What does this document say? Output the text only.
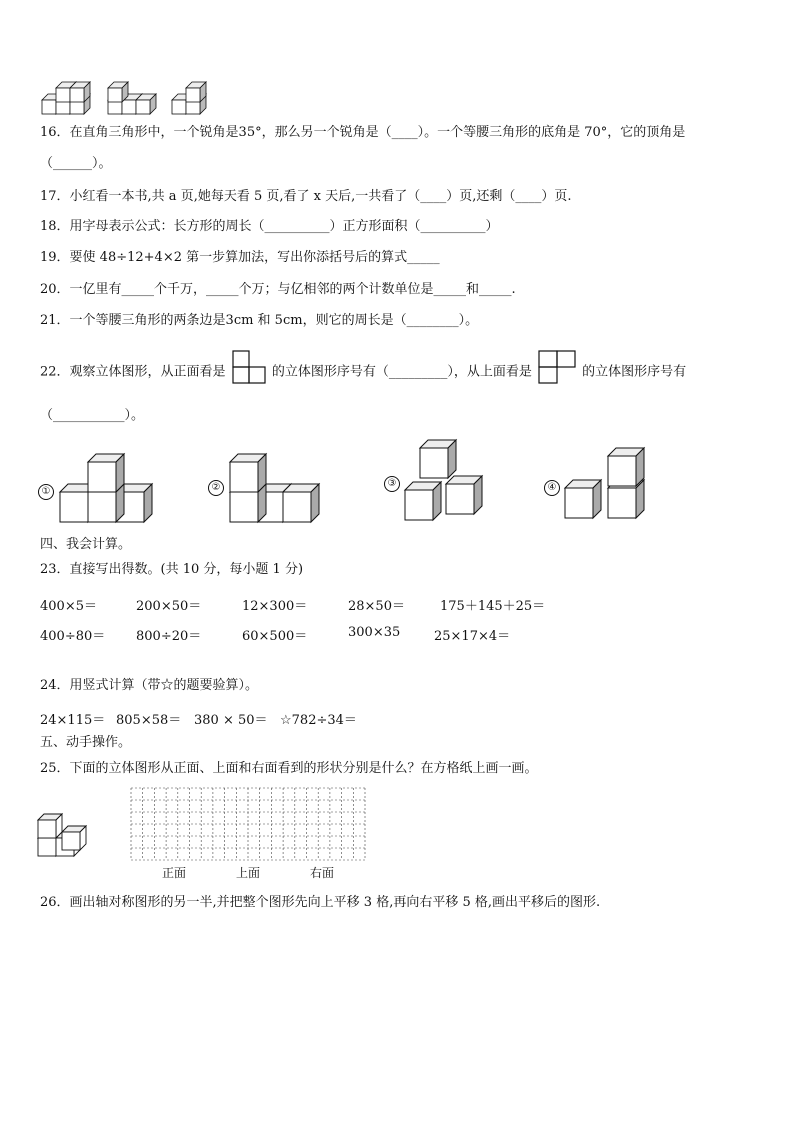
16．在直角三角形中，一个锐角是35°，那么另一个锐角是（____）。一个等腰三角形的底角是 70°，它的顶角是
（______）。
17．小红看一本书,共 a 页,她每天看 5 页,看了 x 天后,一共看了（____）页,还剩（____）页.
18．用字母表示公式：长方形的周长（__________）正方形面积（__________）
19．要使 48÷12+4×2 第一步算加法，写出你添括号后的算式_____
20．一亿里有_____个千万，_____个万；与亿相邻的两个计数单位是_____和_____.
21．一个等腰三角形的两条边是3cm 和 5cm，则它的周长是（________）。
22．观察立体图形，从正面看是	的立体图形序号有（_________），从上面看是	的立体图形序号有
（___________）。
①	②	③	④
四、我会计算。
23．直接写出得数。(共 10 分，每小题 1 分)
400×5＝	200×50＝	12×300＝	28×50＝	175＋145＋25＝
400÷80＝ 800÷20＝	60×500＝	300×35	25×17×4＝
24．用竖式计算（带☆的题要验算）。
24×115＝ 805×58＝ 380 × 50＝ ☆782÷34＝
五、动手操作。
25．下面的立体图形从正面、上面和右面看到的形状分别是什么？在方格纸上画一画。
正面	上面	右面
26．画出轴对称图形的另一半,并把整个图形先向上平移 3 格,再向右平移 5 格,画出平移后的图形.
